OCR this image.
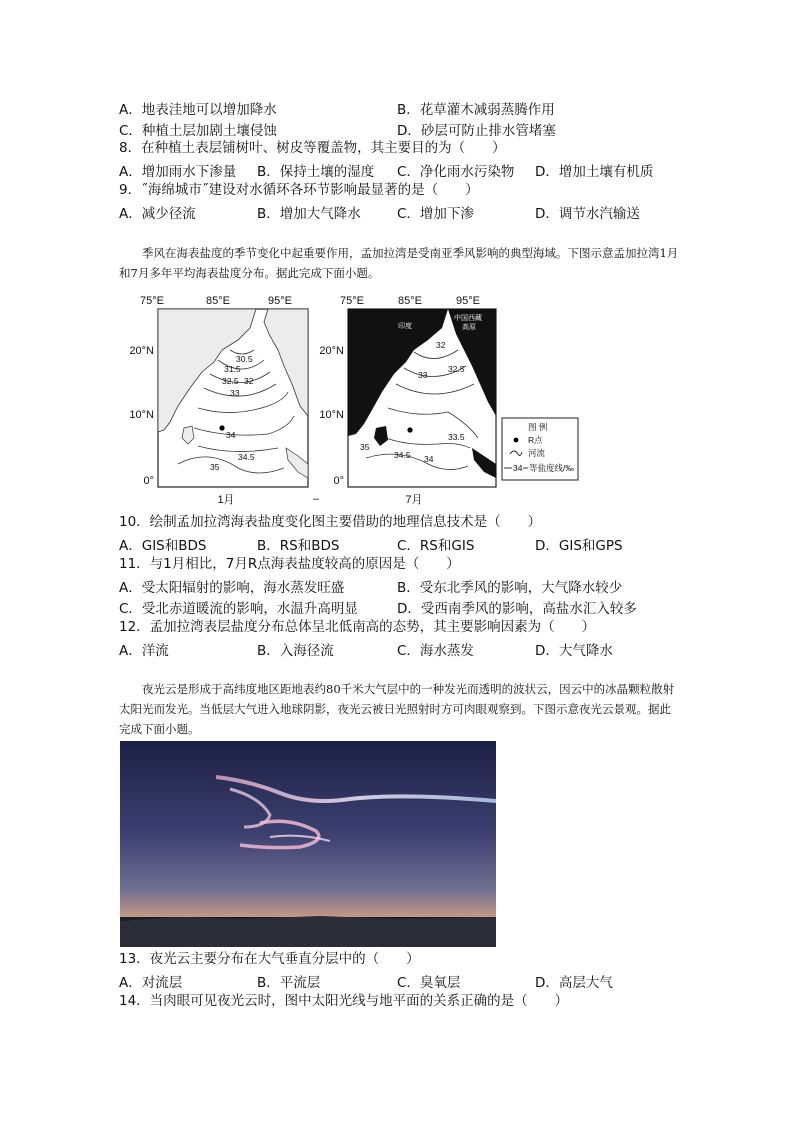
A．地表洼地可以增加降水	B．花草灌木减弱蒸腾作用
C．种植土层加剧土壤侵蚀	D．砂层可防止排水管堵塞
8．在种植土表层铺树叶、树皮等覆盖物，其主要目的为（　　）
A．增加雨水下渗量 B．保持土壤的湿度 C．净化雨水污染物 D．增加土壤有机质
9．˝海绵城市˝建设对水循环各环节影响最显著的是（　　）
A．减少径流	B．增加大气降水	C．增加下渗	D．调节水汽输送

季风在海表盐度的季节变化中起重要作用，孟加拉湾是受南亚季风影响的典型海域。下图示意孟加拉湾1月和7月多年平均海表盐度分布。据此完成下面小题。

75°E	85°E	95°E	75°E	85°E	95°E
20°N
10°N
0°
20°N
10°N
0°
30.5
31.5
32.5 32
33
34
34.5
35
1月	–
32
32.5
33
33.5
34
34.5
35
中国西藏
高原
印度
7月
图 例
R点
河流
34 等盐度线/‰
10．绘制孟加拉湾海表盐度变化图主要借助的地理信息技术是（　　）
A．GIS和BDS	B．RS和BDS	C．RS和GIS	D．GIS和GPS
11．与1月相比，7月R点海表盐度较高的原因是（　　）
A．受太阳辐射的影响，海水蒸发旺盛	B．受东北季风的影响，大气降水较少
C．受北赤道暖流的影响，水温升高明显	D．受西南季风的影响，高盐水汇入较多
12．孟加拉湾表层盐度分布总体呈北低南高的态势，其主要影响因素为（　　）
A．洋流	B．入海径流	C．海水蒸发	D．大气降水

夜光云是形成于高纬度地区距地表约80千米大气层中的一种发光而透明的波状云，因云中的冰晶颗粒散射太阳光而发光。当低层大气进入地球阴影，夜光云被日光照射时方可肉眼观察到。下图示意夜光云景观。据此完成下面小题。

13．夜光云主要分布在大气垂直分层中的（　　）
A．对流层	B．平流层	C．臭氧层	D．高层大气
14．当肉眼可见夜光云时，图中太阳光线与地平面的关系正确的是（　　）
